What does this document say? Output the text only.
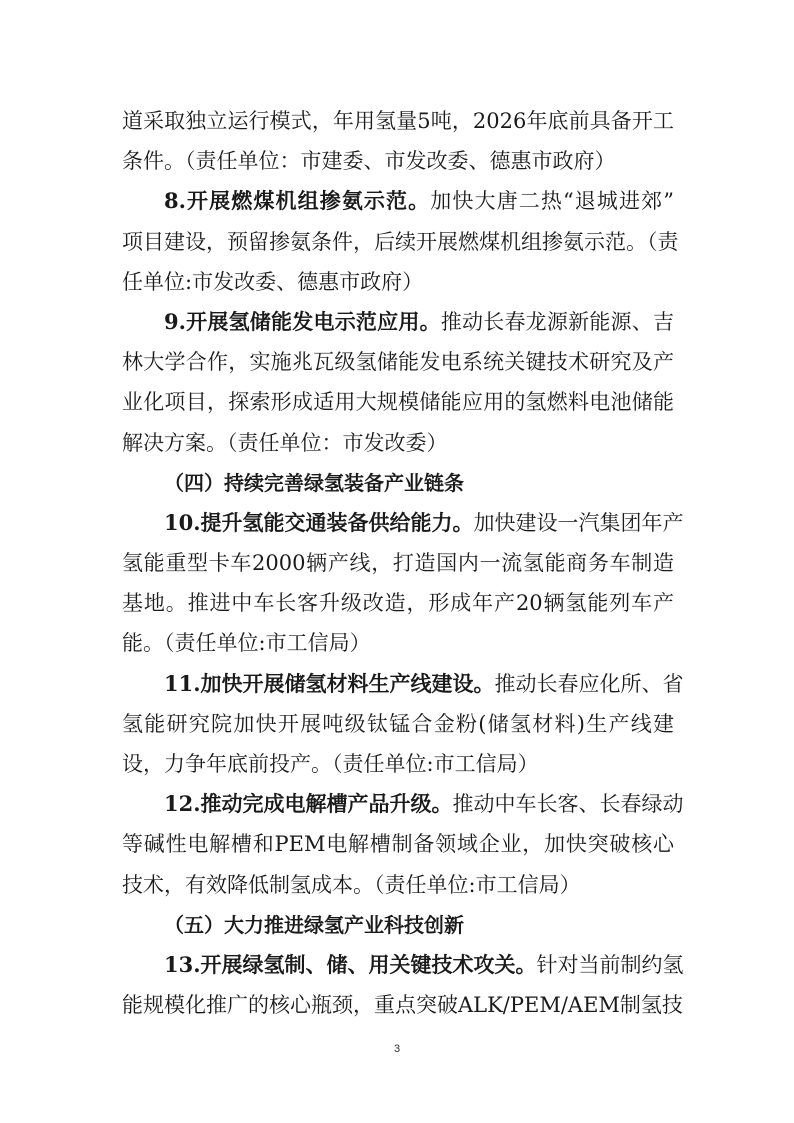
道采取独立运行模式，年用氢量5吨，2026年底前具备开工
条件。（责任单位：市建委、市发改委、德惠市政府）
8.开展燃煤机组掺氨示范。加快大唐二热“退城进郊”
项目建设，预留掺氨条件，后续开展燃煤机组掺氨示范。（责
任单位:市发改委、德惠市政府）
9.开展氢储能发电示范应用。推动长春龙源新能源、吉
林大学合作，实施兆瓦级氢储能发电系统关键技术研究及产
业化项目，探索形成适用大规模储能应用的氢燃料电池储能
解决方案。（责任单位：市发改委）
（四）持续完善绿氢装备产业链条
10.提升氢能交通装备供给能力。加快建设一汽集团年产
氢能重型卡车2000辆产线，打造国内一流氢能商务车制造
基地。推进中车长客升级改造，形成年产20辆氢能列车产
能。（责任单位:市工信局）
11.加快开展储氢材料生产线建设。推动长春应化所、省
氢能研究院加快开展吨级钛锰合金粉(储氢材料)生产线建
设，力争年底前投产。（责任单位:市工信局）
12.推动完成电解槽产品升级。推动中车长客、长春绿动
等碱性电解槽和PEM电解槽制备领域企业，加快突破核心
技术，有效降低制氢成本。（责任单位:市工信局）
（五）大力推进绿氢产业科技创新
13.开展绿氢制、储、用关键技术攻关。针对当前制约氢
能规模化推广的核心瓶颈，重点突破ALK/PEM/AEM制氢技
3
